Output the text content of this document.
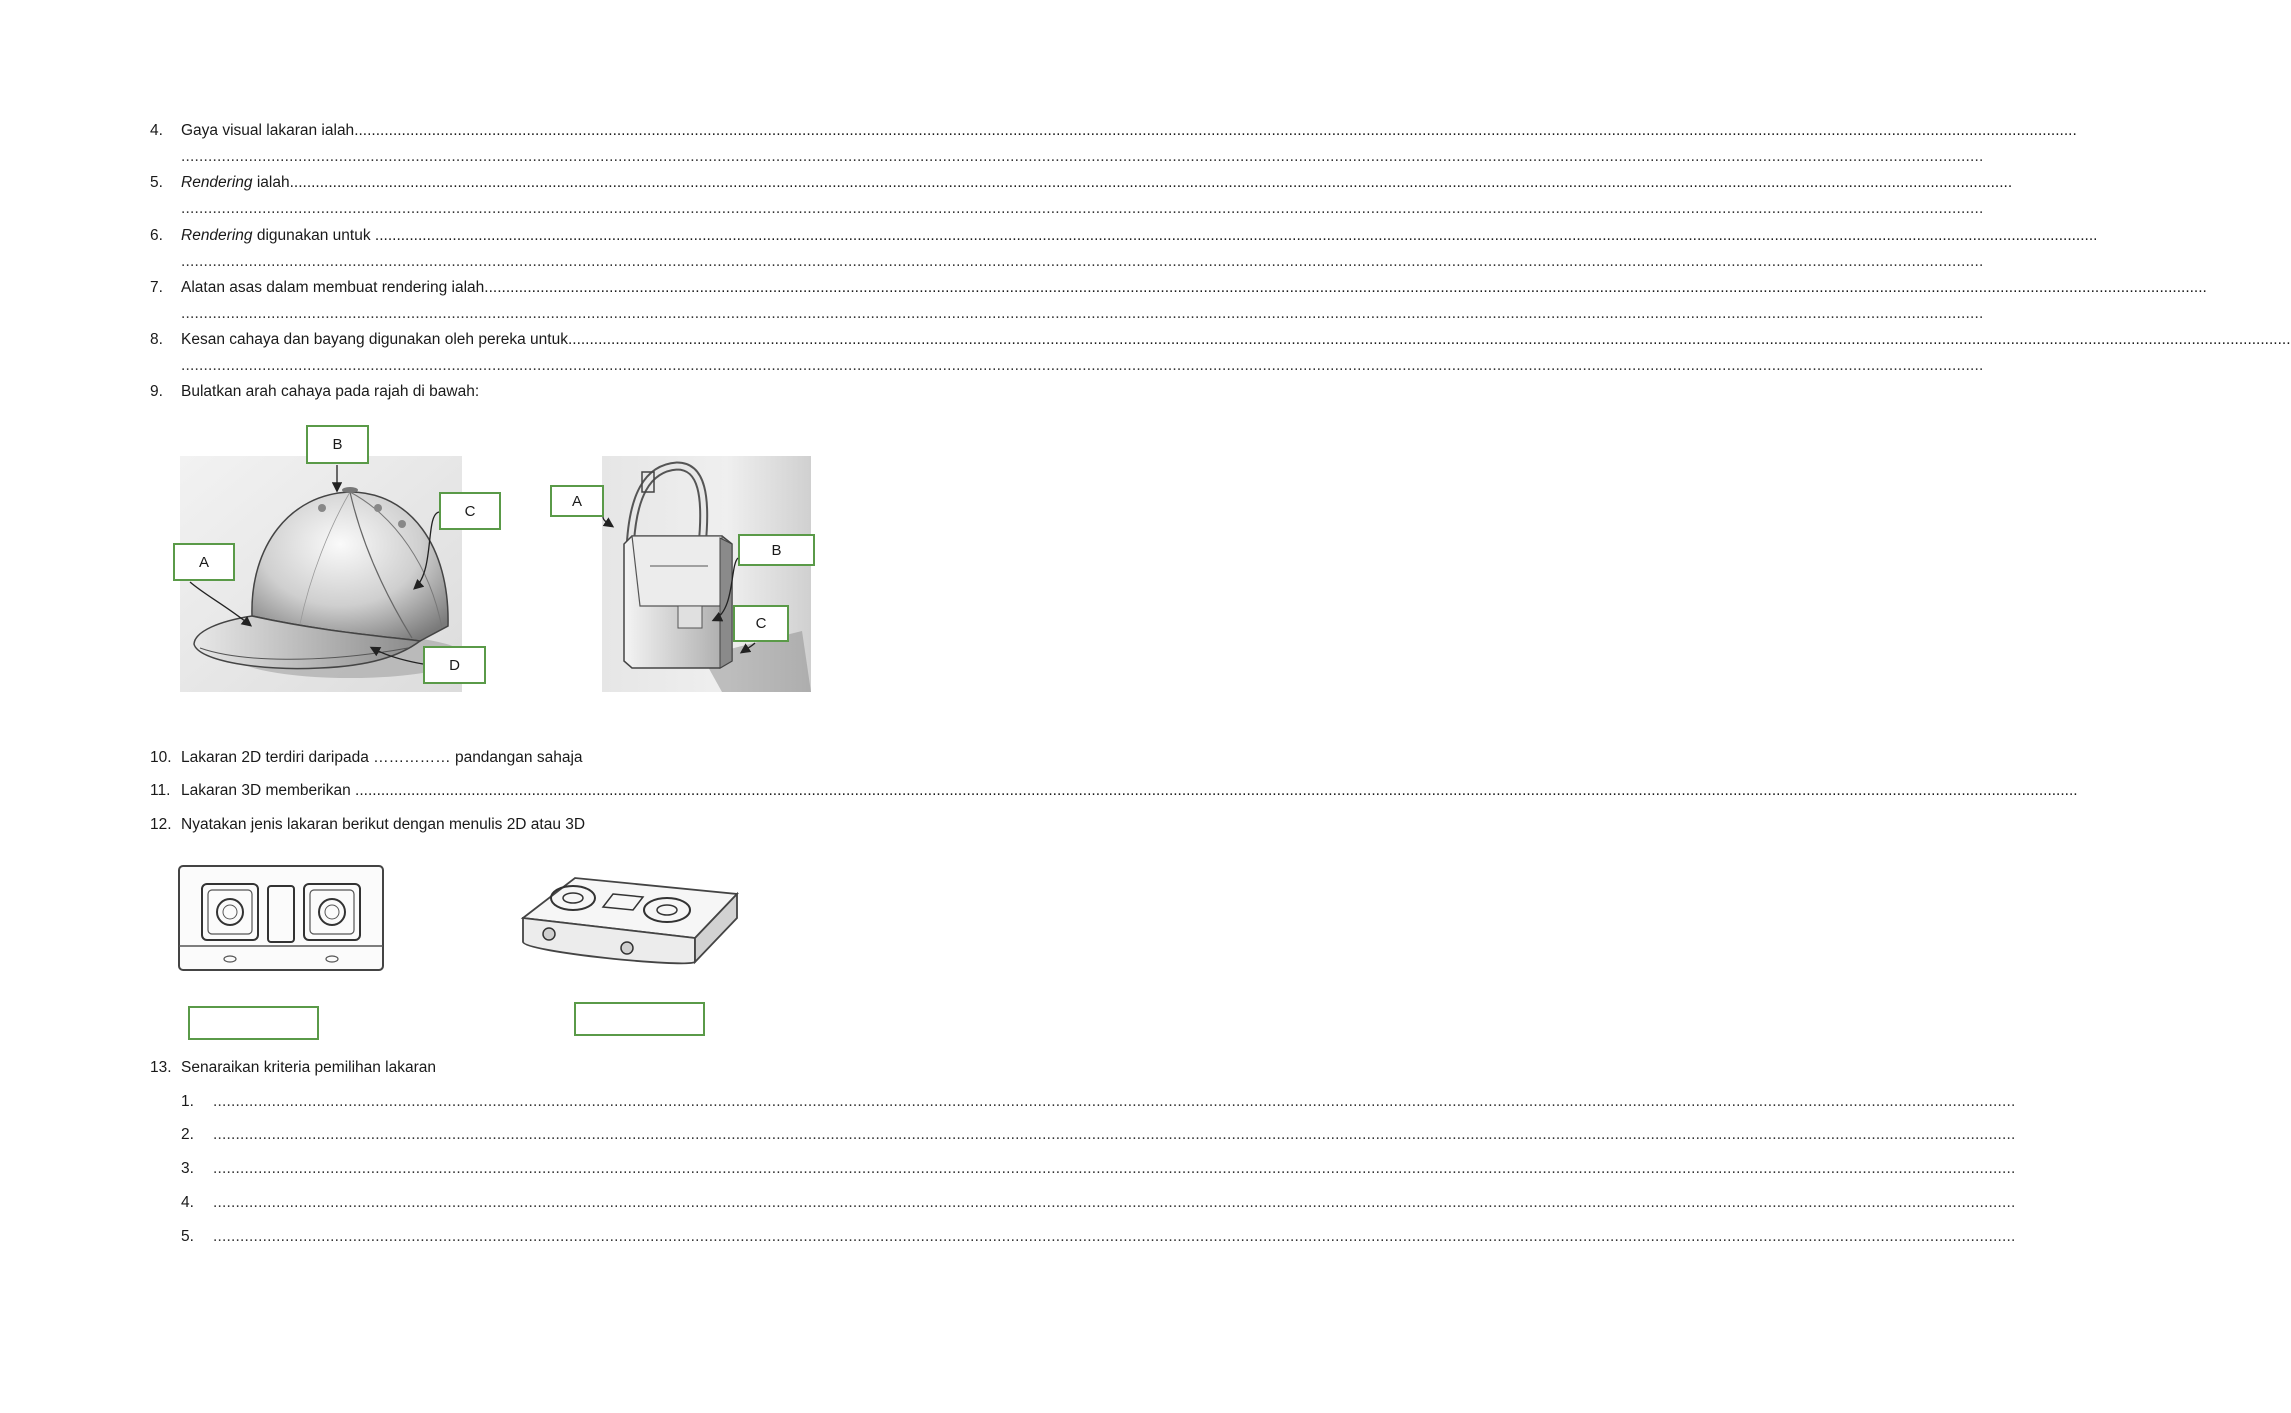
4. Gaya visual lakaran ialah................................................................................................................................................................................................................................................................................................................................................................................................................
................................................................................................................................................................................................................................................................................................................................................................................................................
5. Rendering ialah................................................................................................................................................................................................................................................................................................................................................................................................................
................................................................................................................................................................................................................................................................................................................................................................................................................
6. Rendering digunakan untuk ................................................................................................................................................................................................................................................................................................................................................................................................................
................................................................................................................................................................................................................................................................................................................................................................................................................
7. Alatan asas dalam membuat rendering ialah................................................................................................................................................................................................................................................................................................................................................................................................................
................................................................................................................................................................................................................................................................................................................................................................................................................
8. Kesan cahaya dan bayang digunakan oleh pereka untuk................................................................................................................................................................................................................................................................................................................................................................................................................
................................................................................................................................................................................................................................................................................................................................................................................................................
9. Bulatkan arah cahaya pada rajah di bawah:
B
C
A
D
A
B
C
10. Lakaran 2D terdiri daripada …………… pandangan sahaja
11. Lakaran 3D memberikan ................................................................................................................................................................................................................................................................................................................................................................................................................
12. Nyatakan jenis lakaran berikut dengan menulis 2D atau 3D
13. Senaraikan kriteria pemilihan lakaran
1. ................................................................................................................................................................................................................................................................................................................................................................................................................
2. ................................................................................................................................................................................................................................................................................................................................................................................................................
3. ................................................................................................................................................................................................................................................................................................................................................................................................................
4. ................................................................................................................................................................................................................................................................................................................................................................................................................
5. ................................................................................................................................................................................................................................................................................................................................................................................................................
